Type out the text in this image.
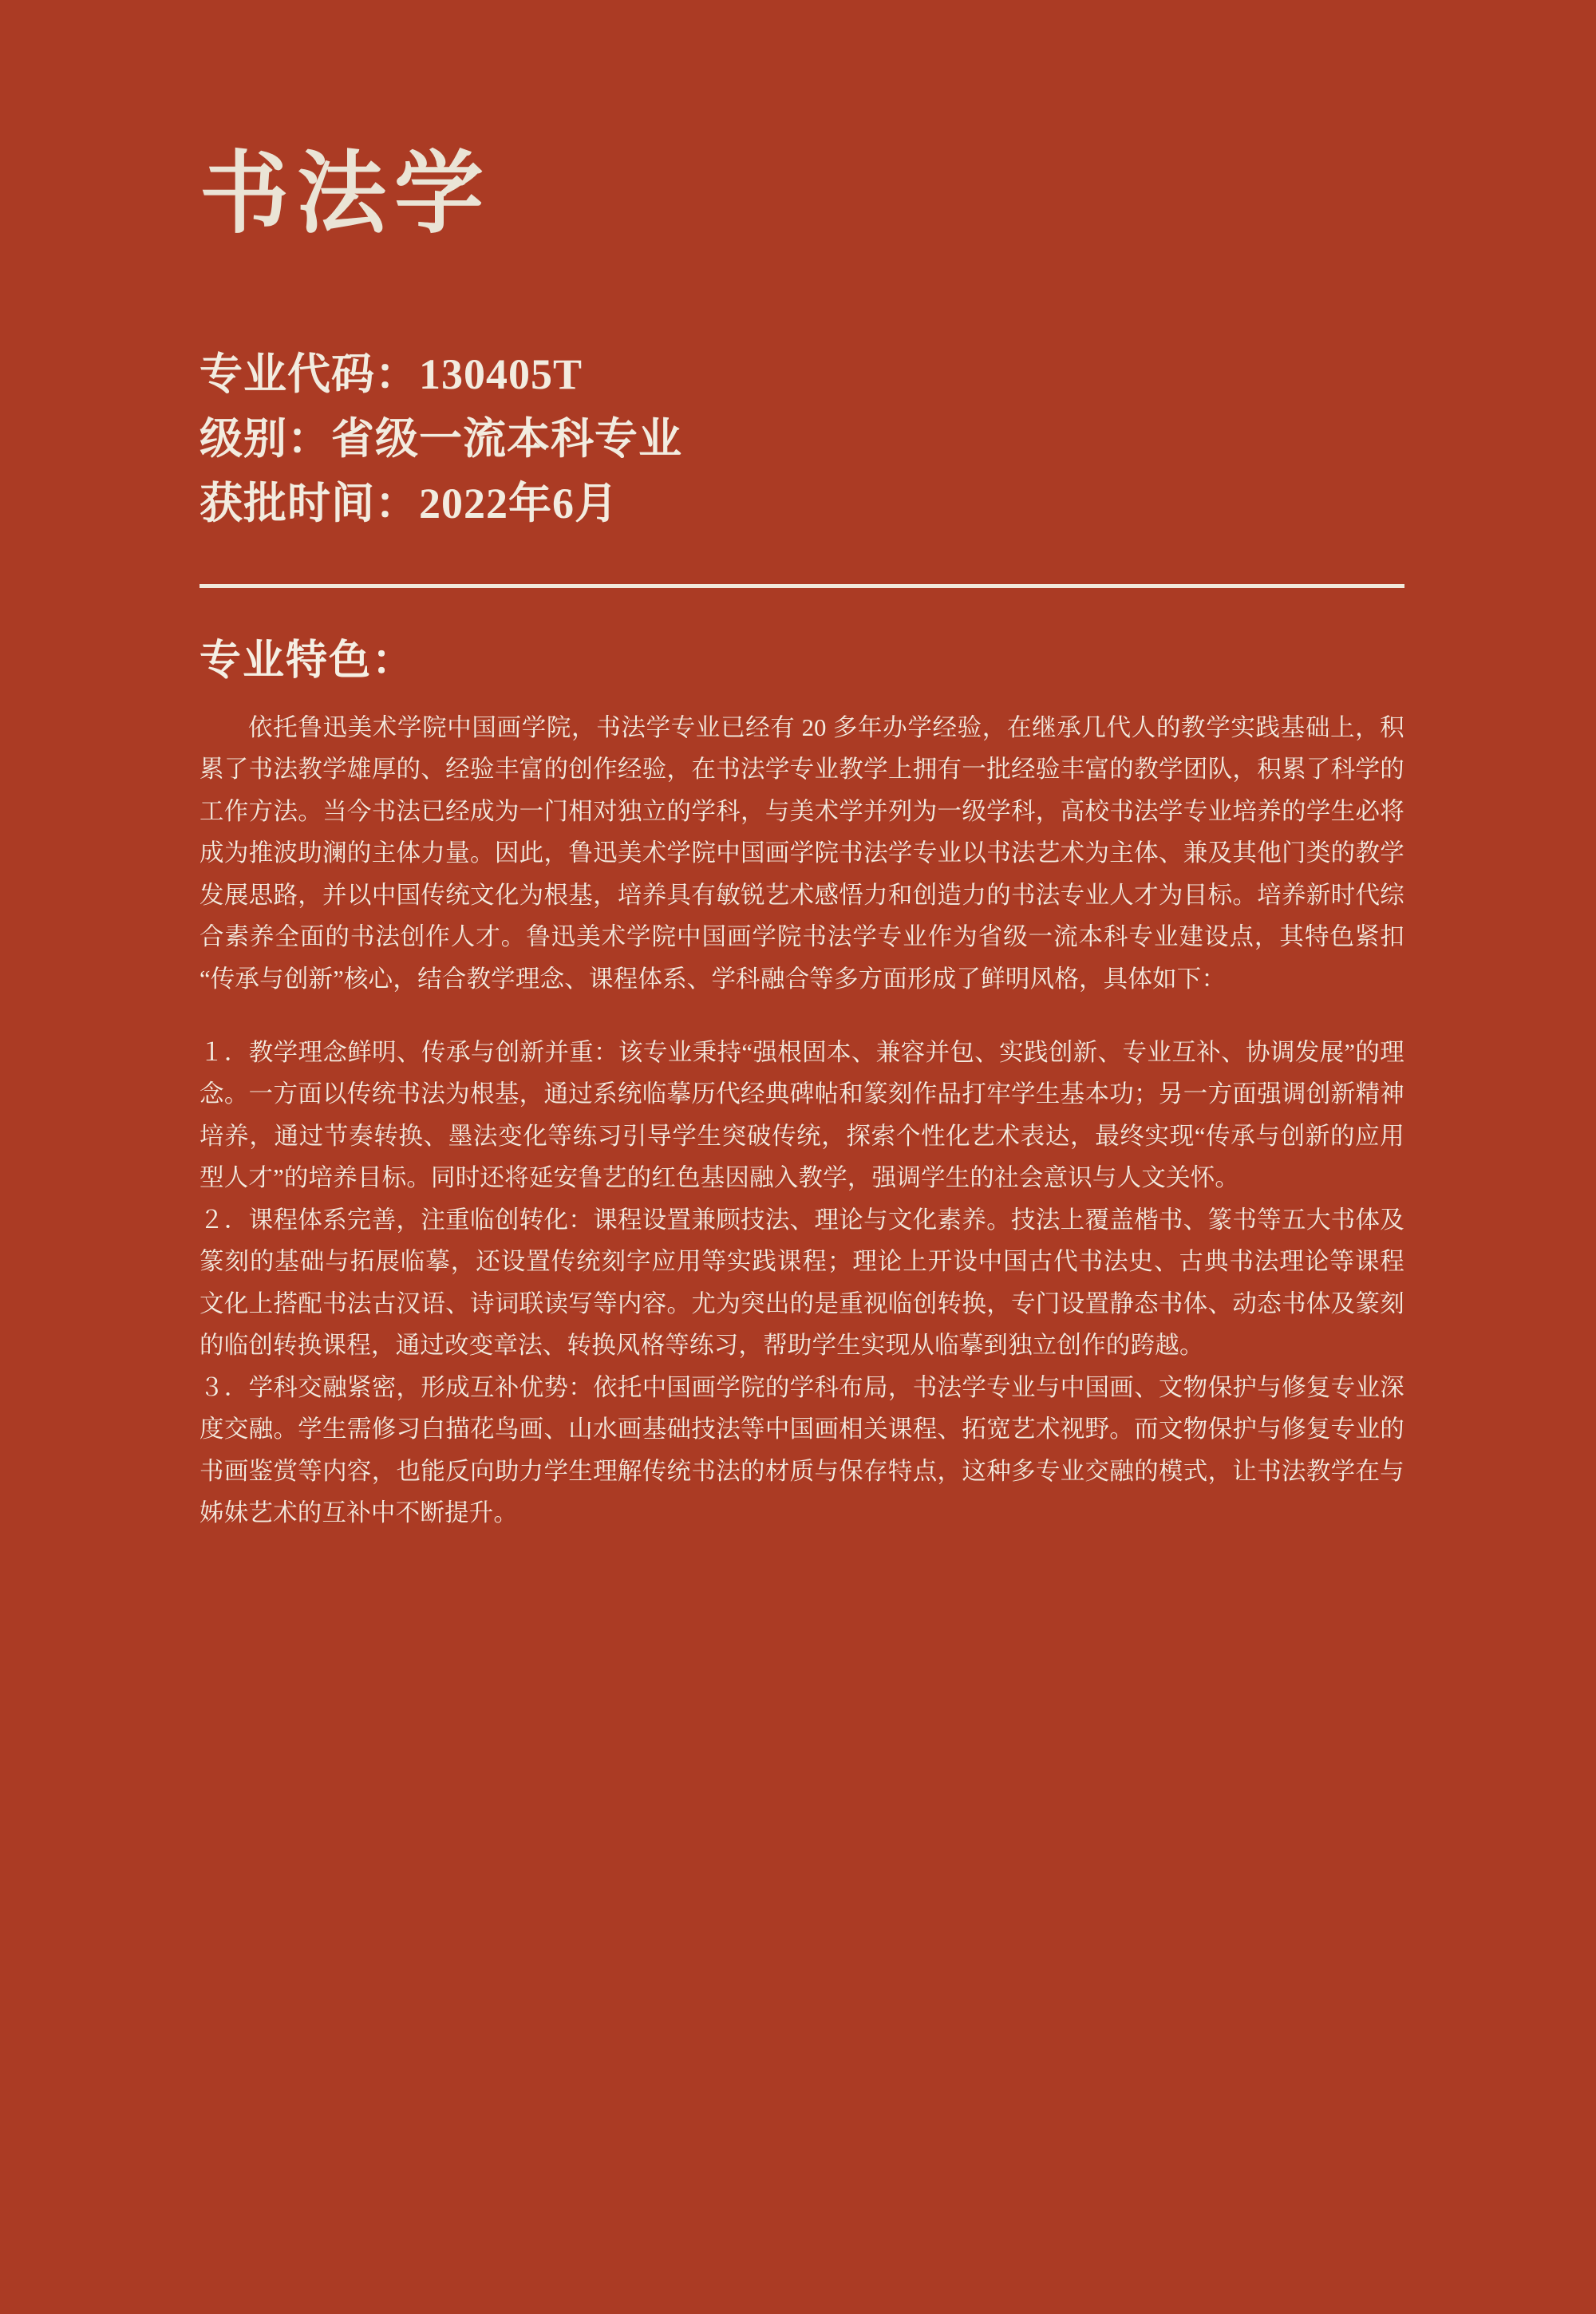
书法学
专业代码：130405T
级别：省级一流本科专业
获批时间：2022年6月
专业特色：

依托鲁迅美术学院中国画学院，书法学专业已经有 20 多年办学经验，在继承几代人的教学实践基础上，积累了书法教学雄厚的、经验丰富的创作经验，在书法学专业教学上拥有一批经验丰富的教学团队，积累了科学的工作方法。当今书法已经成为一门相对独立的学科，与美术学并列为一级学科，高校书法学专业培养的学生必将成为推波助澜的主体力量。因此，鲁迅美术学院中国画学院书法学专业以书法艺术为主体、兼及其他门类的教学发展思路，并以中国传统文化为根基，培养具有敏锐艺术感悟力和创造力的书法专业人才为目标。培养新时代综合素养全面的书法创作人才。鲁迅美术学院中国画学院书法学专业作为省级一流本科专业建设点，其特色紧扣“传承与创新”核心，结合教学理念、课程体系、学科融合等多方面形成了鲜明风格，具体如下：

１．教学理念鲜明、传承与创新并重：该专业秉持“强根固本、兼容并包、实践创新、专业互补、协调发展”的理念。一方面以传统书法为根基，通过系统临摹历代经典碑帖和篆刻作品打牢学生基本功；另一方面强调创新精神培养，通过节奏转换、墨法变化等练习引导学生突破传统，探索个性化艺术表达，最终实现“传承与创新的应用型人才”的培养目标。同时还将延安鲁艺的红色基因融入教学，强调学生的社会意识与人文关怀。

２．课程体系完善，注重临创转化：课程设置兼顾技法、理论与文化素养。技法上覆盖楷书、篆书等五大书体及篆刻的基础与拓展临摹，还设置传统刻字应用等实践课程；理论上开设中国古代书法史、古典书法理论等课程 文化上搭配书法古汉语、诗词联读写等内容。尤为突出的是重视临创转换，专门设置静态书体、动态书体及篆刻的临创转换课程，通过改变章法、转换风格等练习，帮助学生实现从临摹到独立创作的跨越。

３．学科交融紧密，形成互补优势：依托中国画学院的学科布局，书法学专业与中国画、文物保护与修复专业深度交融。学生需修习白描花鸟画、山水画基础技法等中国画相关课程、拓宽艺术视野。而文物保护与修复专业的书画鉴赏等内容，也能反向助力学生理解传统书法的材质与保存特点，这种多专业交融的模式，让书法教学在与姊妹艺术的互补中不断提升。
